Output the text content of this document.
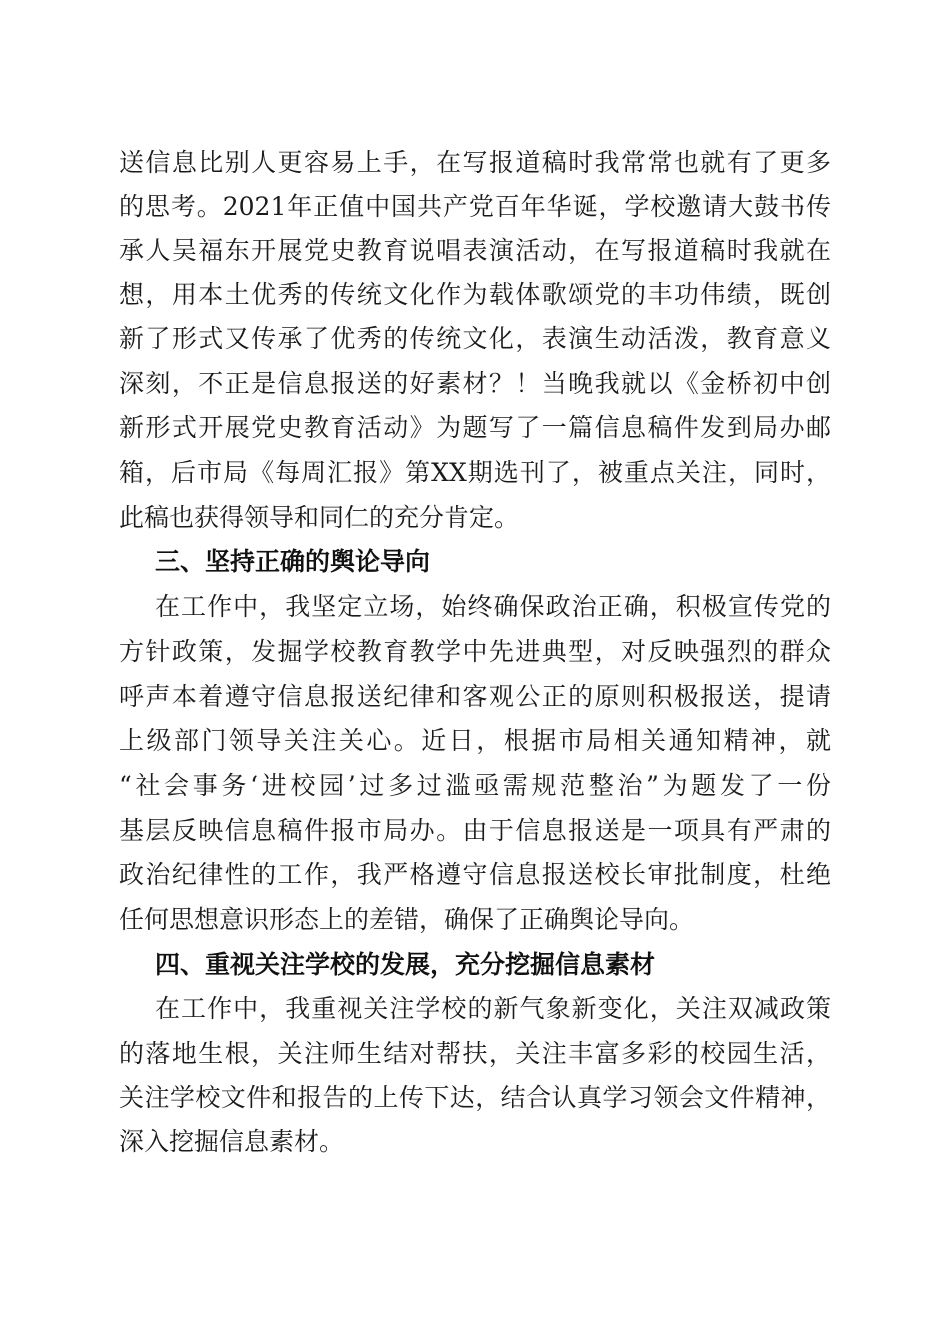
送信息比别人更容易上手，在写报道稿时我常常也就有了更多
的思考。2021年正值中国共产党百年华诞，学校邀请大鼓书传
承人吴福东开展党史教育说唱表演活动，在写报道稿时我就在
想，用本土优秀的传统文化作为载体歌颂党的丰功伟绩，既创
新了形式又传承了优秀的传统文化，表演生动活泼，教育意义
深刻，不正是信息报送的好素材？！当晚我就以《金桥初中创
新形式开展党史教育活动》为题写了一篇信息稿件发到局办邮
箱，后市局《每周汇报》第XX期选刊了，被重点关注，同时，
此稿也获得领导和同仁的充分肯定。
三、坚持正确的舆论导向
在工作中，我坚定立场，始终确保政治正确，积极宣传党的
方针政策，发掘学校教育教学中先进典型，对反映强烈的群众
呼声本着遵守信息报送纪律和客观公正的原则积极报送，提请
上级部门领导关注关心。近日，根据市局相关通知精神，就
“社会事务‘进校园’过多过滥亟需规范整治”为题发了一份
基层反映信息稿件报市局办。由于信息报送是一项具有严肃的
政治纪律性的工作，我严格遵守信息报送校长审批制度，杜绝
任何思想意识形态上的差错，确保了正确舆论导向。
四、重视关注学校的发展，充分挖掘信息素材
在工作中，我重视关注学校的新气象新变化，关注双减政策
的落地生根，关注师生结对帮扶，关注丰富多彩的校园生活，
关注学校文件和报告的上传下达，结合认真学习领会文件精神，
深入挖掘信息素材。
